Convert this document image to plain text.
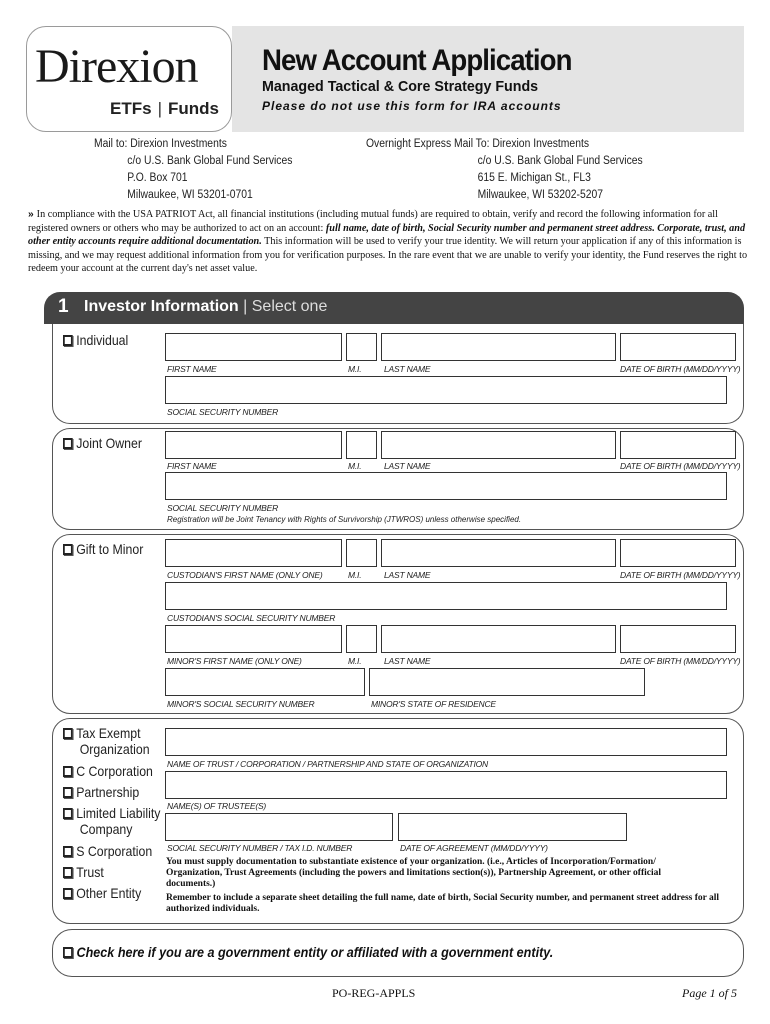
New Account Application
Managed Tactical & Core Strategy Funds
Please do not use this form for IRA accounts
Direxion
ETFs | Funds
Mail to: Direxion Investments
c/o U.S. Bank Global Fund Services
P.O. Box 701
Milwaukee, WI 53201-0701
Overnight Express Mail To: Direxion Investments
c/o U.S. Bank Global Fund Services
615 E. Michigan St., FL3
Milwaukee, WI 53202-5207
» In compliance with the USA PATRIOT Act, all financial institutions (including mutual funds) are required to obtain, verify and record the following information for all registered owners or others who may be authorized to act on an account: full name, date of birth, Social Security number and permanent street address. Corporate, trust, and other entity accounts require additional documentation. This information will be used to verify your true identity. We will return your application if any of this information is missing, and we may request additional information from you for verification purposes. In the rare event that we are unable to verify your identity, the Fund reserves the right to redeem your account at the current day's net asset value.
1 Investor Information | Select one
Individual
FIRST NAME	M.I.	LAST NAME	DATE OF BIRTH (MM/DD/YYYY)
SOCIAL SECURITY NUMBER
Joint Owner
FIRST NAME	M.I.	LAST NAME	DATE OF BIRTH (MM/DD/YYYY)
SOCIAL SECURITY NUMBER
Registration will be Joint Tenancy with Rights of Survivorship (JTWROS) unless otherwise specified.
Gift to Minor
CUSTODIAN'S FIRST NAME (ONLY ONE)	M.I.	LAST NAME	DATE OF BIRTH (MM/DD/YYYY)
CUSTODIAN'S SOCIAL SECURITY NUMBER
MINOR'S FIRST NAME (ONLY ONE)	M.I.	LAST NAME	DATE OF BIRTH (MM/DD/YYYY)
MINOR'S SOCIAL SECURITY NUMBER	MINOR'S STATE OF RESIDENCE
Tax Exempt
Organization
C Corporation
Partnership
Limited Liability
Company
S Corporation
Trust
Other Entity
NAME OF TRUST / CORPORATION / PARTNERSHIP AND STATE OF ORGANIZATION
NAME(S) OF TRUSTEE(S)
SOCIAL SECURITY NUMBER / TAX I.D. NUMBER	DATE OF AGREEMENT (MM/DD/YYYY)
You must supply documentation to substantiate existence of your organization. (i.e., Articles of Incorporation/Formation/ Organization, Trust Agreements (including the powers and limitations section(s)), Partnership Agreement, or other official documents.)
Remember to include a separate sheet detailing the full name, date of birth, Social Security number, and permanent street address for all authorized individuals.
Check here if you are a government entity or affiliated with a government entity.
PO-REG-APPLS	Page 1 of 5
